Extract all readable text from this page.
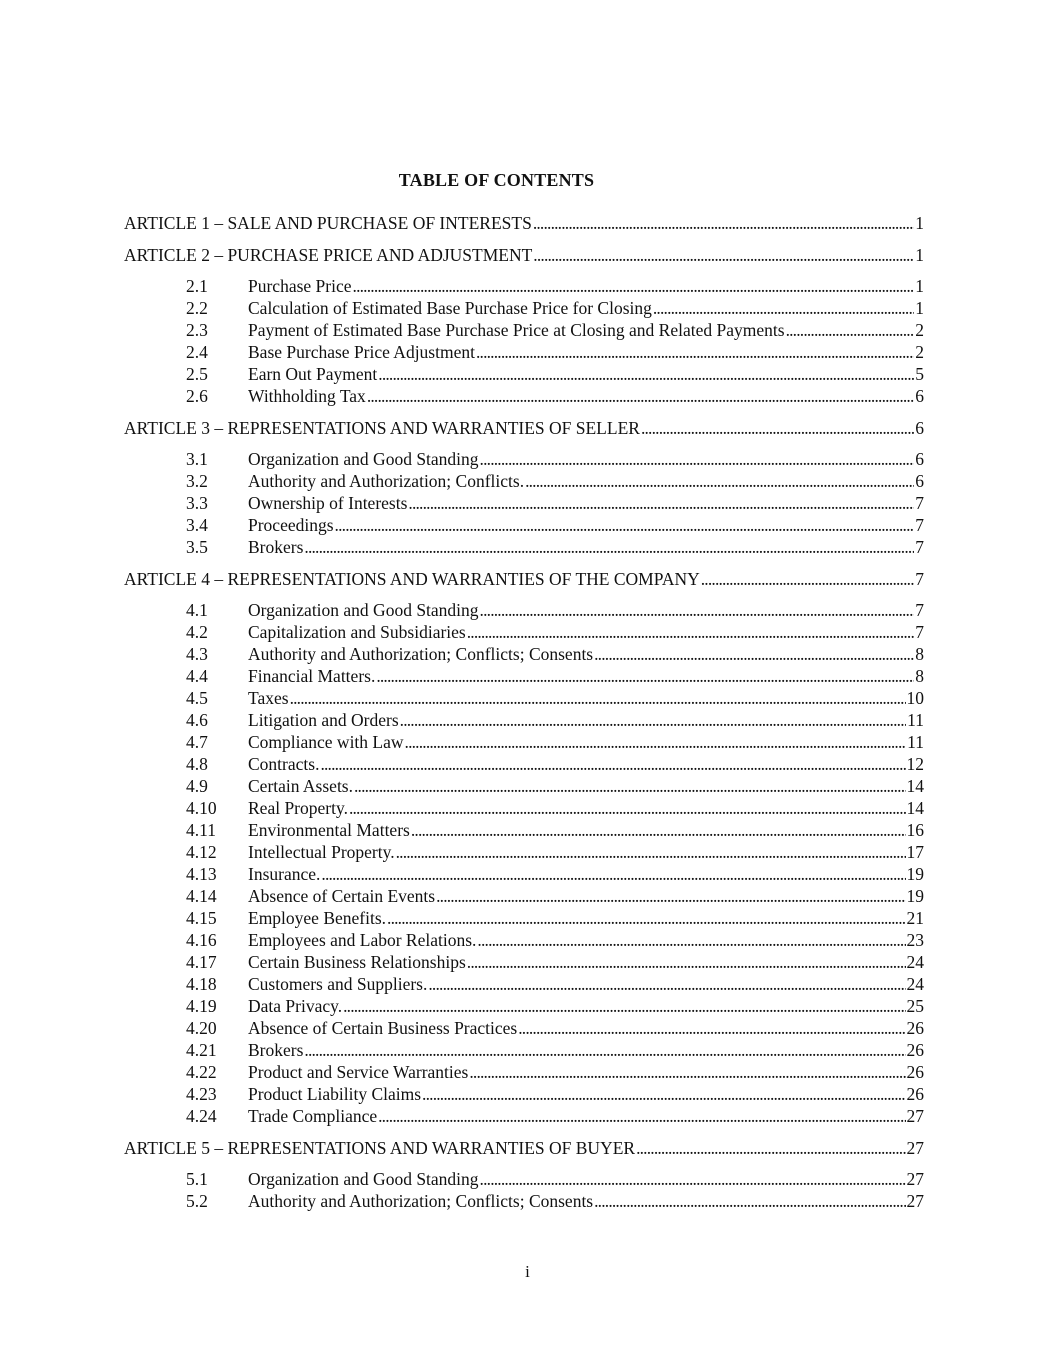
TABLE OF CONTENTS
ARTICLE 1 – SALE AND PURCHASE OF INTERESTS . . .	1
ARTICLE 2 – PURCHASE PRICE AND ADJUSTMENT . . .	1
2.1	Purchase Price . . .	1
2.2	Calculation of Estimated Base Purchase Price for Closing . . .	1
2.3	Payment of Estimated Base Purchase Price at Closing and Related Payments . . .	2
2.4	Base Purchase Price Adjustment . . .	2
2.5	Earn Out Payment . . .	5
2.6	Withholding Tax . . .	6
ARTICLE 3 – REPRESENTATIONS AND WARRANTIES OF SELLER . . .	6
3.1	Organization and Good Standing . . .	6
3.2	Authority and Authorization; Conflicts. . . .	6
3.3	Ownership of Interests . . .	7
3.4	Proceedings . . .	7
3.5	Brokers . . .	7
ARTICLE 4 – REPRESENTATIONS AND WARRANTIES OF THE COMPANY . . .	7
4.1	Organization and Good Standing . . .	7
4.2	Capitalization and Subsidiaries . . .	7
4.3	Authority and Authorization; Conflicts; Consents . . .	8
4.4	Financial Matters. . . .	8
4.5	Taxes . . .	10
4.6	Litigation and Orders . . .	11
4.7	Compliance with Law . . .	11
4.8	Contracts. . . .	12
4.9	Certain Assets. . . .	14
4.10	Real Property. . . .	14
4.11	Environmental Matters . . .	16
4.12	Intellectual Property. . . .	17
4.13	Insurance. . . .	19
4.14	Absence of Certain Events . . .	19
4.15	Employee Benefits. . . .	21
4.16	Employees and Labor Relations. . . .	23
4.17	Certain Business Relationships . . .	24
4.18	Customers and Suppliers. . . .	24
4.19	Data Privacy. . . .	25
4.20	Absence of Certain Business Practices . . .	26
4.21	Brokers . . .	26
4.22	Product and Service Warranties . . .	26
4.23	Product Liability Claims . . .	26
4.24	Trade Compliance . . .	27
ARTICLE 5 – REPRESENTATIONS AND WARRANTIES OF BUYER . . .	27
5.1	Organization and Good Standing . . .	27
5.2	Authority and Authorization; Conflicts; Consents . . .	27
i
